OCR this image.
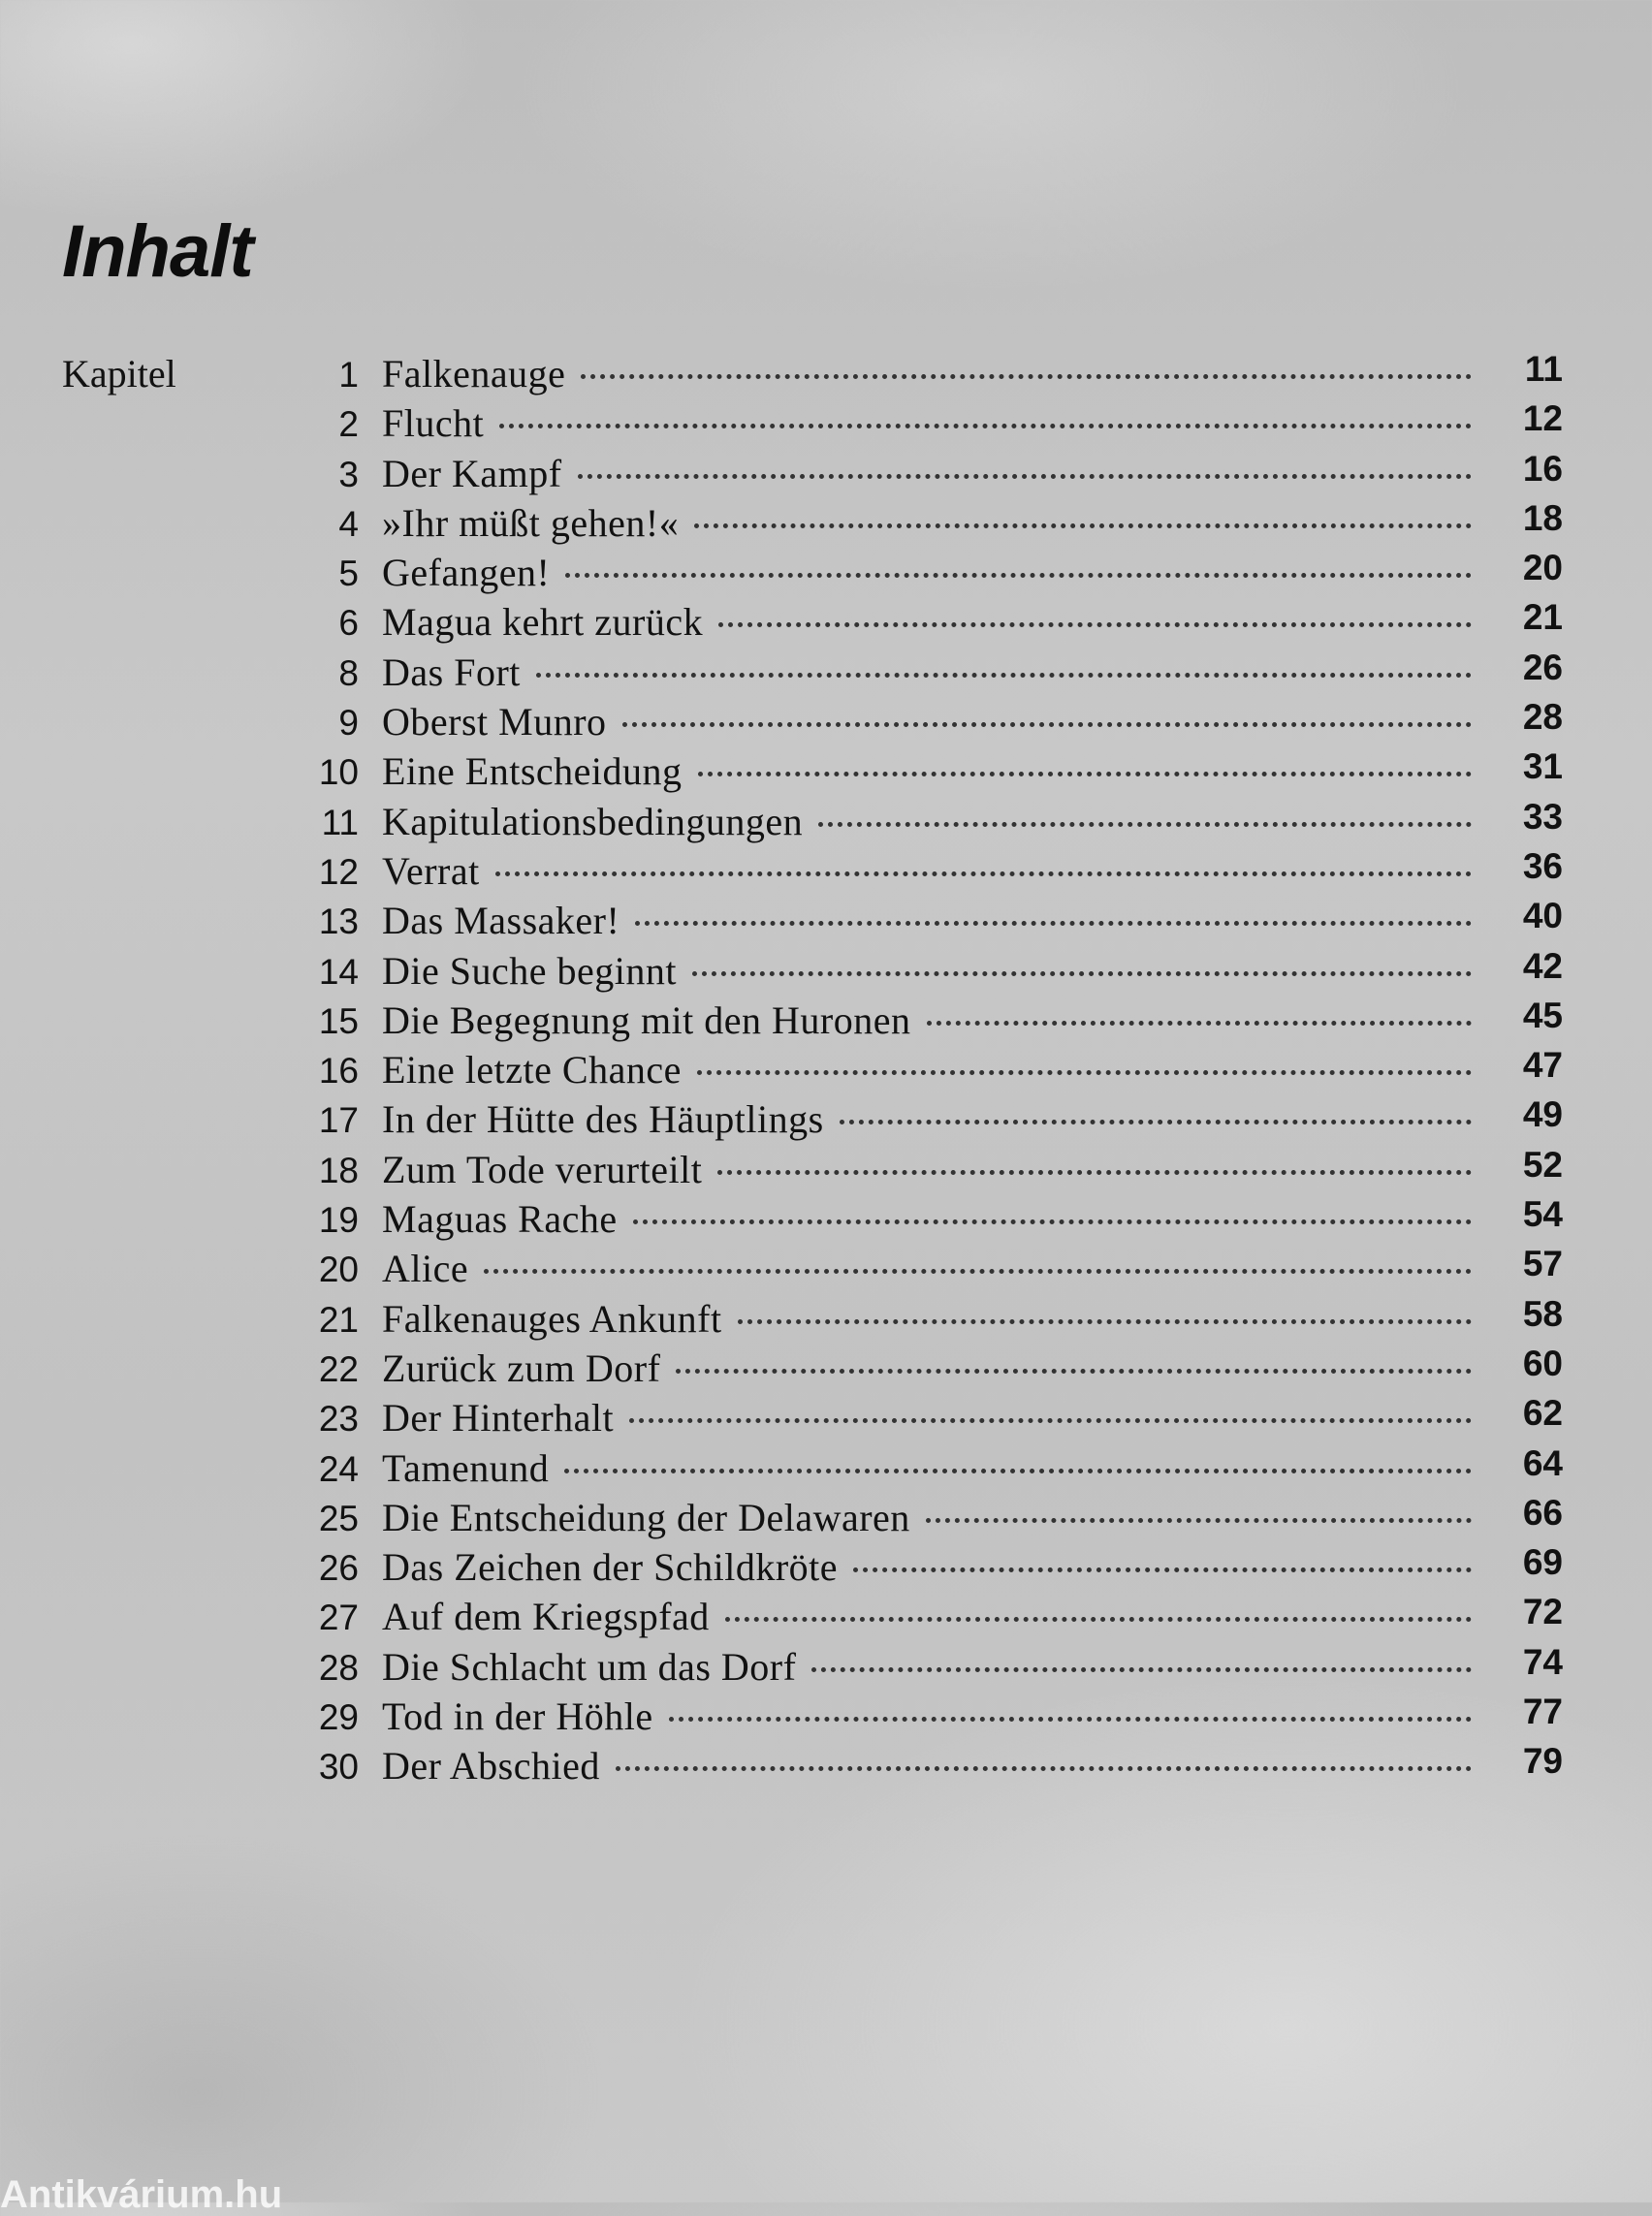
Inhalt
Kapitel	1 Falkenauge	11
2 Flucht	12
3 Der Kampf	16
4 »Ihr müßt gehen!«	18
5 Gefangen!	20
6 Magua kehrt zurück	21
8 Das Fort	26
9 Oberst Munro	28
10 Eine Entscheidung	31
11 Kapitulationsbedingungen	33
12 Verrat	36
13 Das Massaker!	40
14 Die Suche beginnt	42
15 Die Begegnung mit den Huronen	45
16 Eine letzte Chance	47
17 In der Hütte des Häuptlings	49
18 Zum Tode verurteilt	52
19 Maguas Rache	54
20 Alice	57
21 Falkenauges Ankunft	58
22 Zurück zum Dorf	60
23 Der Hinterhalt	62
24 Tamenund	64
25 Die Entscheidung der Delawaren	66
26 Das Zeichen der Schildkröte	69
27 Auf dem Kriegspfad	72
28 Die Schlacht um das Dorf	74
29 Tod in der Höhle	77
30 Der Abschied	79
Antikvárium.hu
